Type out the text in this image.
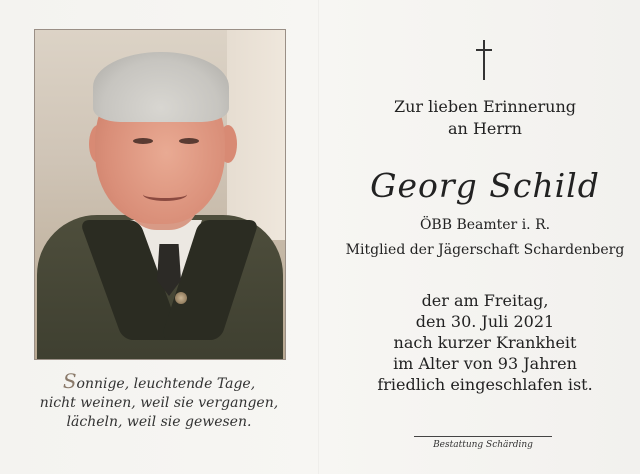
Zur lieben Erinnerung
an Herrn
Georg Schild
ÖBB Beamter i. R.
Mitglied der Jägerschaft Schardenberg
der am Freitag,
den 30. Juli 2021
nach kurzer Krankheit
im Alter von 93 Jahren
friedlich eingeschlafen ist.
Sonnige, leuchtende Tage,
nicht weinen, weil sie vergangen,
lächeln, weil sie gewesen.
Bestattung Schärding
